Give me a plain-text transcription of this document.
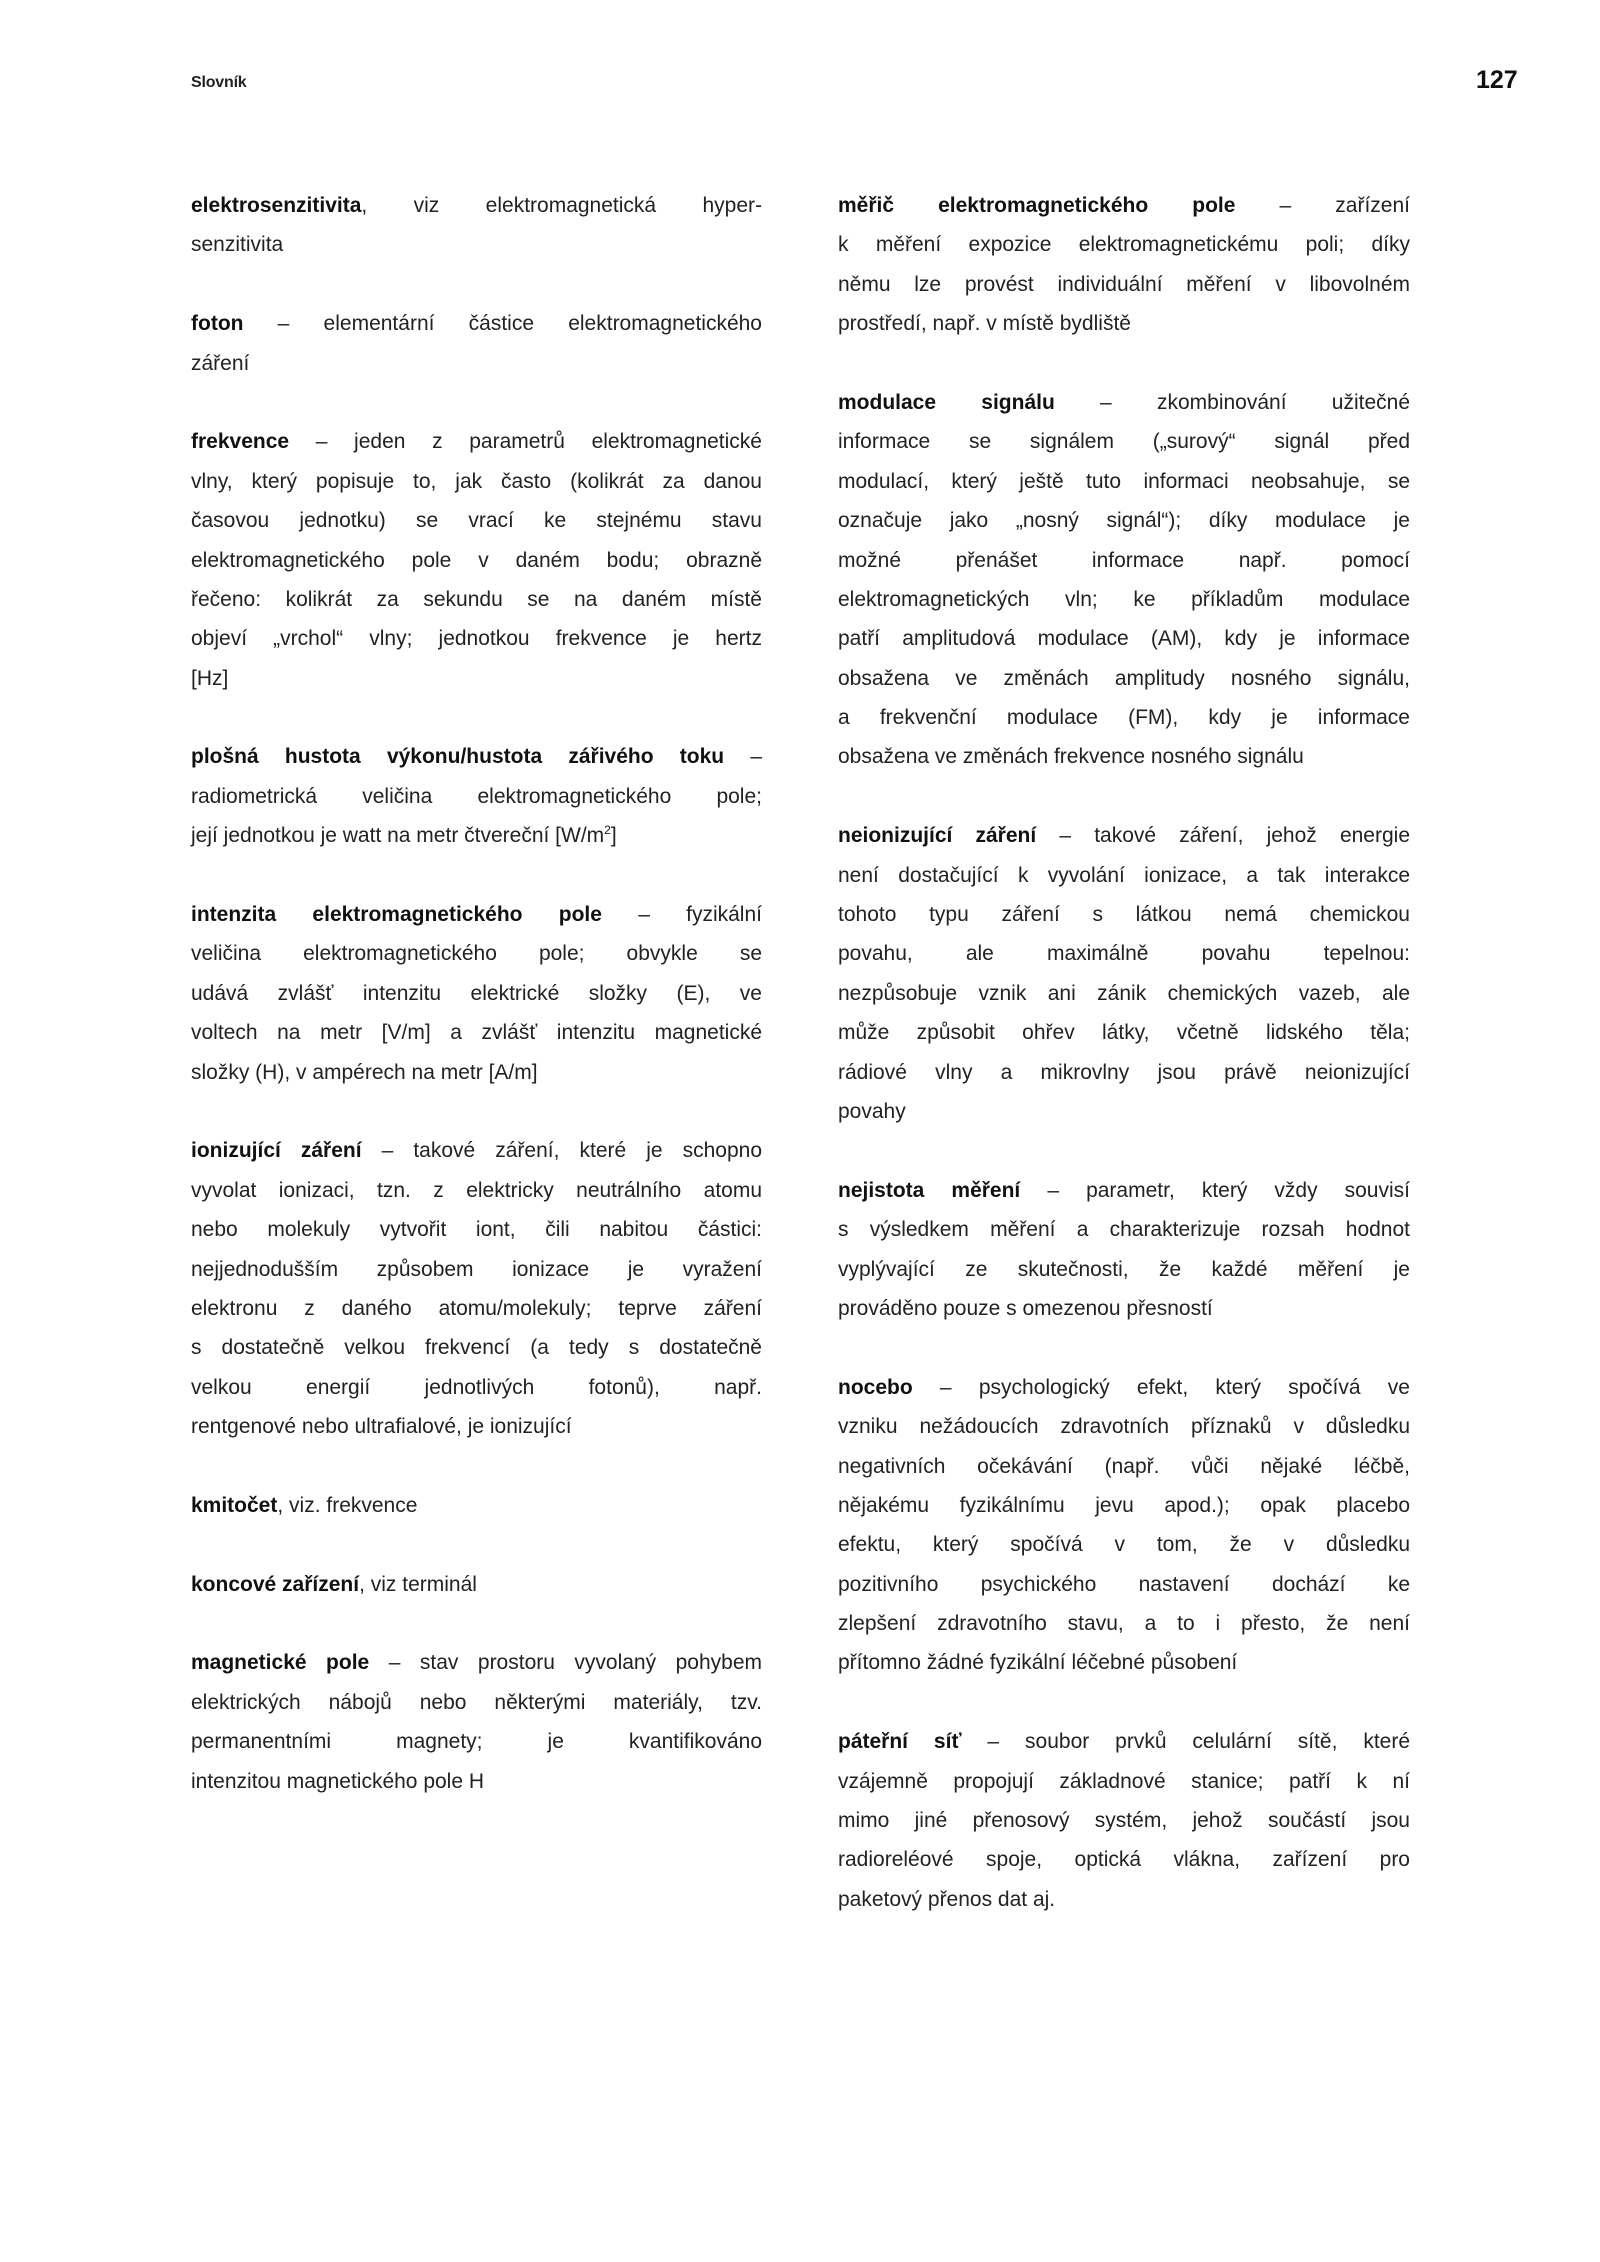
Slovník	127
elektrosenzitivita, viz elektromagnetická hyper-
senzitivita
foton – elementární částice elektromagnetického
záření
frekvence – jeden z parametrů elektromagnetické
vlny, který popisuje to, jak často (kolikrát za danou
časovou jednotku) se vrací ke stejnému stavu
elektromagnetického pole v daném bodu; obrazně
řečeno: kolikrát za sekundu se na daném místě
objeví „vrchol“ vlny; jednotkou frekvence je hertz
[Hz]
plošná hustota výkonu/hustota zářivého toku –
radiometrická veličina elektromagnetického pole;
její jednotkou je watt na metr čtvereční $[W/m^2]$
intenzita elektromagnetického pole – fyzikální
veličina elektromagnetického pole; obvykle se
udává zvlášť intenzitu elektrické složky (E), ve
voltech na metr [V/m] a zvlášť intenzitu magnetické
složky (H), v ampérech na metr [A/m]
ionizující záření – takové záření, které je schopno
vyvolat ionizaci, tzn. z elektricky neutrálního atomu
nebo molekuly vytvořit iont, čili nabitou částici:
nejjednodušším způsobem ionizace je vyražení
elektronu z daného atomu/molekuly; teprve záření
s dostatečně velkou frekvencí (a tedy s dostatečně
velkou energií jednotlivých fotonů), např.
rentgenové nebo ultrafialové, je ionizující
kmitočet, viz. frekvence
koncové zařízení, viz terminál
magnetické pole – stav prostoru vyvolaný pohybem
elektrických nábojů nebo některými materiály, tzv.
permanentními magnety; je kvantifikováno
intenzitou magnetického pole H
měřič elektromagnetického pole – zařízení
k měření expozice elektromagnetickému poli; díky
němu lze provést individuální měření v libovolném
prostředí, např. v místě bydliště
modulace signálu – zkombinování užitečné
informace se signálem („surový“ signál před
modulací, který ještě tuto informaci neobsahuje, se
označuje jako „nosný signál“); díky modulace je
možné přenášet informace např. pomocí
elektromagnetických vln; ke příkladům modulace
patří amplitudová modulace (AM), kdy je informace
obsažena ve změnách amplitudy nosného signálu,
a frekvenční modulace (FM), kdy je informace
obsažena ve změnách frekvence nosného signálu
neionizující záření – takové záření, jehož energie
není dostačující k vyvolání ionizace, a tak interakce
tohoto typu záření s látkou nemá chemickou
povahu, ale maximálně povahu tepelnou:
nezpůsobuje vznik ani zánik chemických vazeb, ale
může způsobit ohřev látky, včetně lidského těla;
rádiové vlny a mikrovlny jsou právě neionizující
povahy
nejistota měření – parametr, který vždy souvisí
s výsledkem měření a charakterizuje rozsah hodnot
vyplývající ze skutečnosti, že každé měření je
prováděno pouze s omezenou přesností
nocebo – psychologický efekt, který spočívá ve
vzniku nežádoucích zdravotních příznaků v důsledku
negativních očekávání (např. vůči nějaké léčbě,
nějakému fyzikálnímu jevu apod.); opak placebo
efektu, který spočívá v tom, že v důsledku
pozitivního psychického nastavení dochází ke
zlepšení zdravotního stavu, a to i přesto, že není
přítomno žádné fyzikální léčebné působení
páteřní síť – soubor prvků celulární sítě, které
vzájemně propojují základnové stanice; patří k ní
mimo jiné přenosový systém, jehož součástí jsou
radioreléové spoje, optická vlákna, zařízení pro
paketový přenos dat aj.
